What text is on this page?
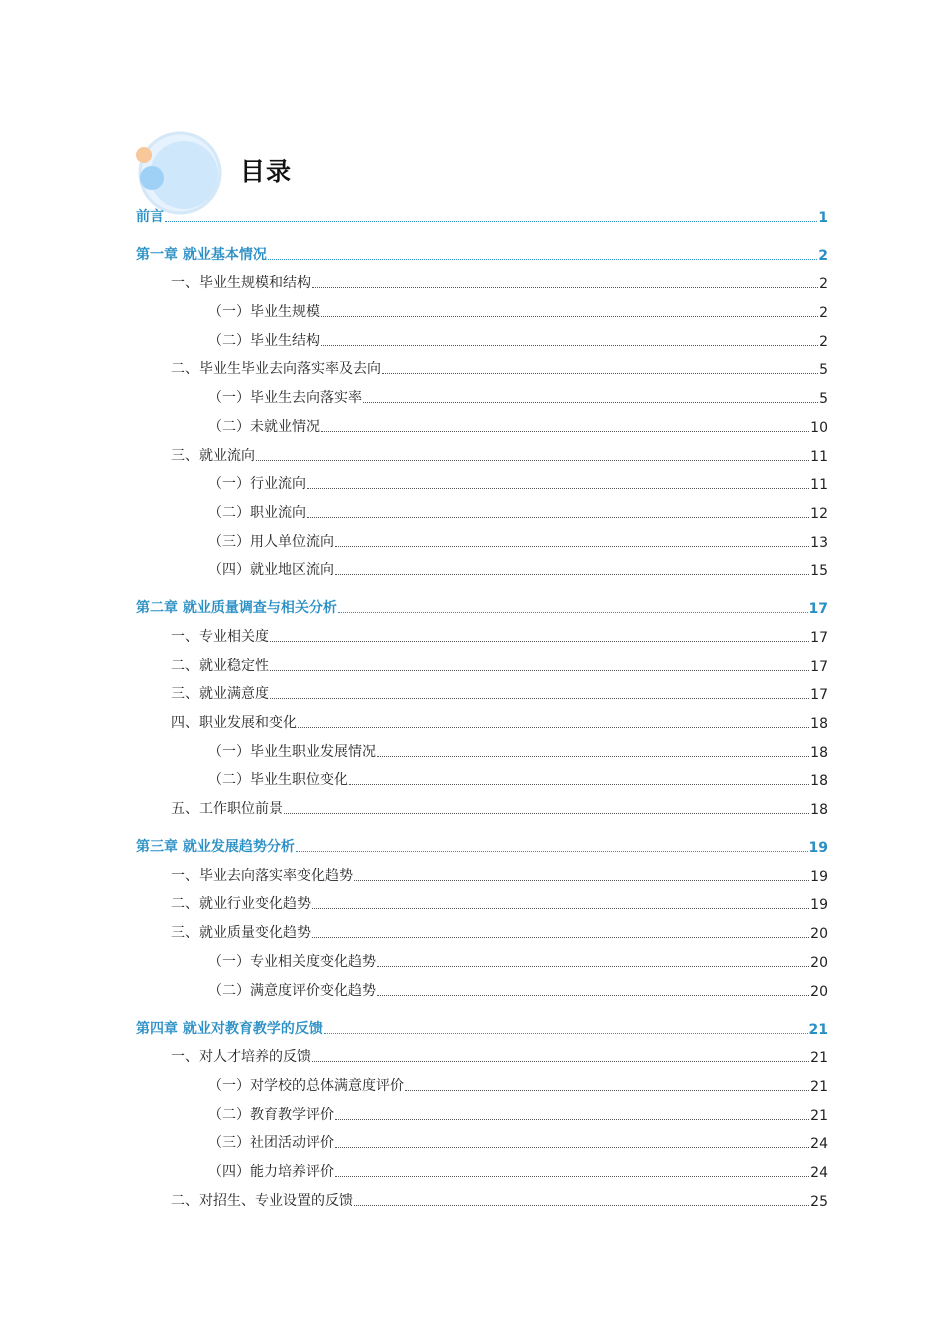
目录
前言	1
第一章 就业基本情况	2
一、毕业生规模和结构	2
（一）毕业生规模	2
（二）毕业生结构	2
二、毕业生毕业去向落实率及去向	5
（一）毕业生去向落实率	5
（二）未就业情况	10
三、就业流向	11
（一）行业流向	11
（二）职业流向	12
（三）用人单位流向	13
（四）就业地区流向	15
第二章 就业质量调查与相关分析	17
一、专业相关度	17
二、就业稳定性	17
三、就业满意度	17
四、职业发展和变化	18
（一）毕业生职业发展情况	18
（二）毕业生职位变化	18
五、工作职位前景	18
第三章 就业发展趋势分析	19
一、毕业去向落实率变化趋势	19
二、就业行业变化趋势	19
三、就业质量变化趋势	20
（一）专业相关度变化趋势	20
（二）满意度评价变化趋势	20
第四章 就业对教育教学的反馈	21
一、对人才培养的反馈	21
（一）对学校的总体满意度评价	21
（二）教育教学评价	21
（三）社团活动评价	24
（四）能力培养评价	24
二、对招生、专业设置的反馈	25
